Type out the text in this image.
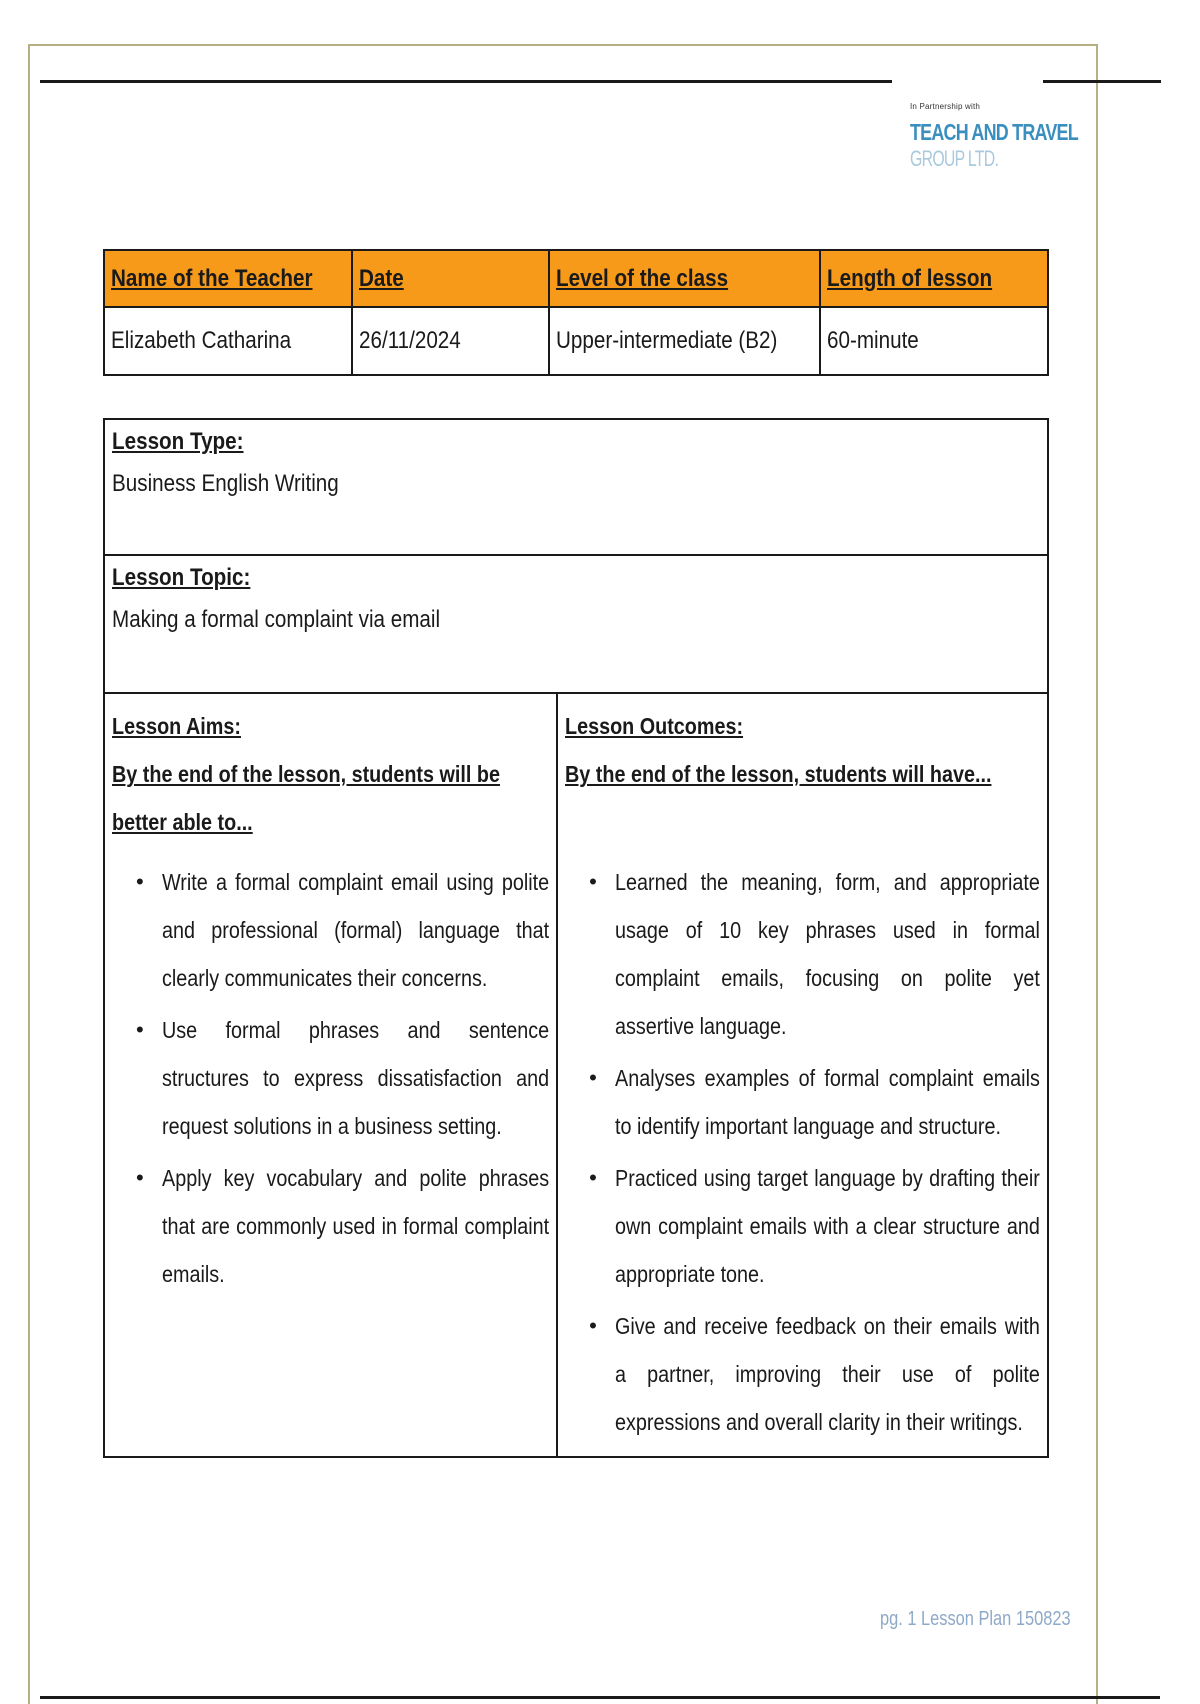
In Partnership with
TEACH AND TRAVEL
GROUP LTD.
Name of the Teacher	Date	Level of the class	Length of lesson
Elizabeth Catharina	26/11/2024	Upper-intermediate (B2)	60-minute
Lesson Type:
Business English Writing

Lesson Topic:
Making a formal complaint via email

Lesson Aims:
By the end of the lesson, students will be better able to...
• Write a formal complaint email using polite and professional (formal) language that clearly communicates their concerns.
• Use formal phrases and sentence structures to express dissatisfaction and request solutions in a business setting.
• Apply key vocabulary and polite phrases that are commonly used in formal complaint emails.

Lesson Outcomes:
By the end of the lesson, students will have...
• Learned the meaning, form, and appropriate usage of 10 key phrases used in formal complaint emails, focusing on polite yet assertive language.
• Analyses examples of formal complaint emails to identify important language and structure.
• Practiced using target language by drafting their own complaint emails with a clear structure and appropriate tone.
• Give and receive feedback on their emails with a partner, improving their use of polite expressions and overall clarity in their writings.
pg. 1 Lesson Plan 150823
